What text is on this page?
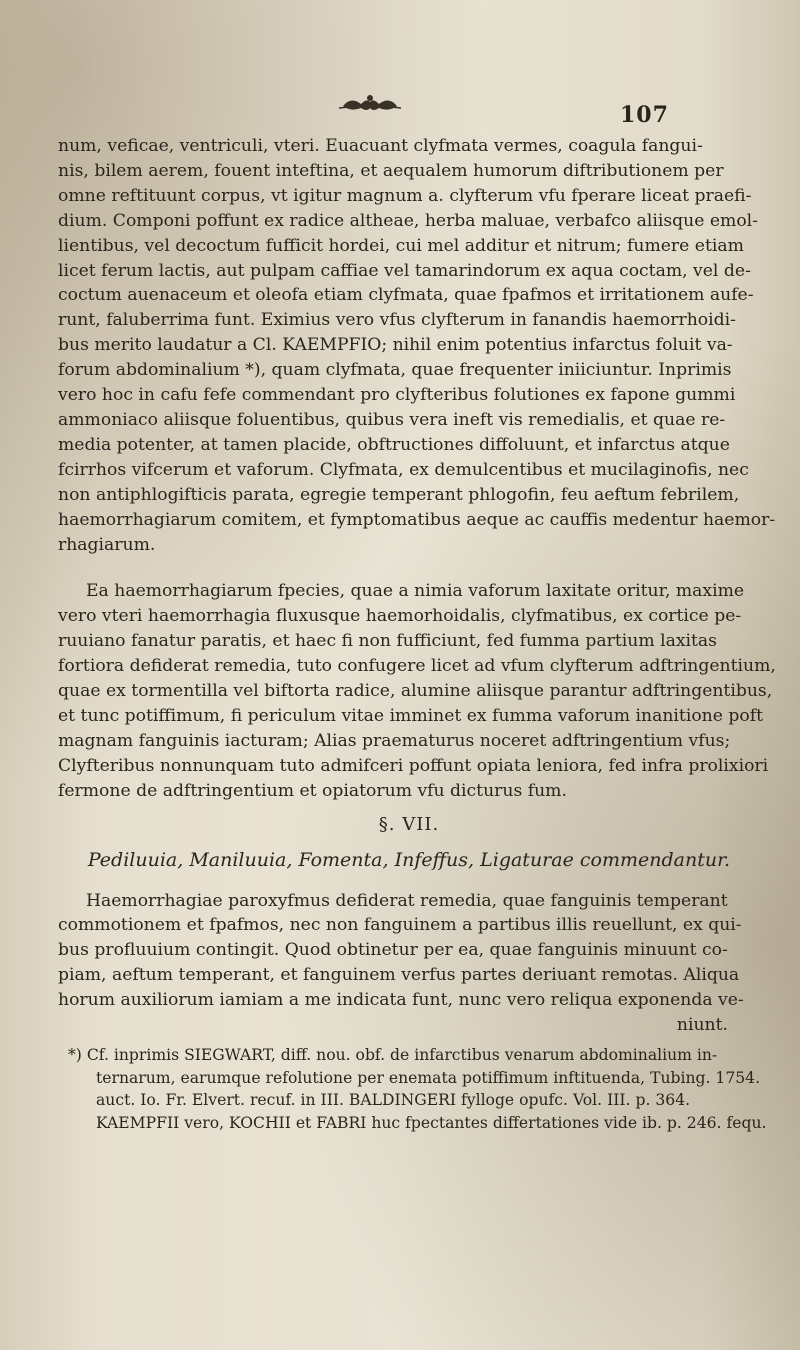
107

num, veficae, ventriculi, vteri. Euacuant clyfmata vermes, coagula fangui-
nis, bilem aerem, fouent inteftina, et aequalem humorum diftributionem per
omne reftituunt corpus, vt igitur magnum a. clyfterum vfu fperare liceat praefi-
dium. Componi poffunt ex radice altheae, herba maluae, verbafco aliisque emol-
lientibus, vel decoctum fufficit hordei, cui mel additur et nitrum; fumere etiam
licet ferum lactis, aut pulpam caffiae vel tamarindorum ex aqua coctam, vel de-
coctum auenaceum et oleofa etiam clyfmata, quae fpafmos et irritationem aufe-
runt, faluberrima funt. Eximius vero vfus clyfterum in fanandis haemorrhoidi-
bus merito laudatur a Cl. KAEMPFIO; nihil enim potentius infarctus foluit va-
forum abdominalium *), quam clyfmata, quae frequenter iniiciuntur. Inprimis
vero hoc in cafu fefe commendant pro clyfteribus folutiones ex fapone gummi
ammoniaco aliisque foluentibus, quibus vera ineft vis remedialis, et quae re-
media potenter, at tamen placide, obftructiones diffoluunt, et infarctus atque
fcirrhos vifcerum et vaforum. Clyfmata, ex demulcentibus et mucilaginofis, nec
non antiphlogifticis parata, egregie temperant phlogofin, feu aeftum febrilem,
haemorrhagiarum comitem, et fymptomatibus aeque ac cauffis medentur haemor-
rhagiarum.

Ea haemorrhagiarum fpecies, quae a nimia vaforum laxitate oritur, maxime
vero vteri haemorrhagia fluxusque haemorhoidalis, clyfmatibus, ex cortice pe-
ruuiano fanatur paratis, et haec fi non fufficiunt, fed fumma partium laxitas
fortiora defiderat remedia, tuto confugere licet ad vfum clyfterum adftringentium,
quae ex tormentilla vel biftorta radice, alumine aliisque parantur adftringentibus,
et tunc potiffimum, fi periculum vitae imminet ex fumma vaforum inanitione poft
magnam fanguinis iacturam; Alias praematurus noceret adftringentium vfus;
Clyfteribus nonnunquam tuto admifceri poffunt opiata leniora, fed infra prolixiori
fermone de adftringentium et opiatorum vfu dicturus fum.

§. VII.
Pediluuia, Maniluuia, Fomenta, Infeffus, Ligaturae commendantur.

Haemorrhagiae paroxyfmus defiderat remedia, quae fanguinis temperant
commotionem et fpafmos, nec non fanguinem a partibus illis reuellunt, ex qui-
bus profluuium contingit. Quod obtinetur per ea, quae fanguinis minuunt co-
piam, aeftum temperant, et fanguinem verfus partes deriuant remotas. Aliqua
horum auxiliorum iamiam a me indicata funt, nunc vero reliqua exponenda ve-
niunt.

*) Cf. inprimis SIEGWART, diff. nou. obf. de infarctibus venarum abdominalium in-
ternarum, earumque refolutione per enemata potiffimum inftituenda, Tubing. 1754.
auct. Io. Fr. Elvert. recuf. in III. BALDINGERI fylloge opufc. Vol. III. p. 364.
KAEMPFII vero, KOCHII et FABRI huc fpectantes differtationes vide ib. p. 246. fequ.
